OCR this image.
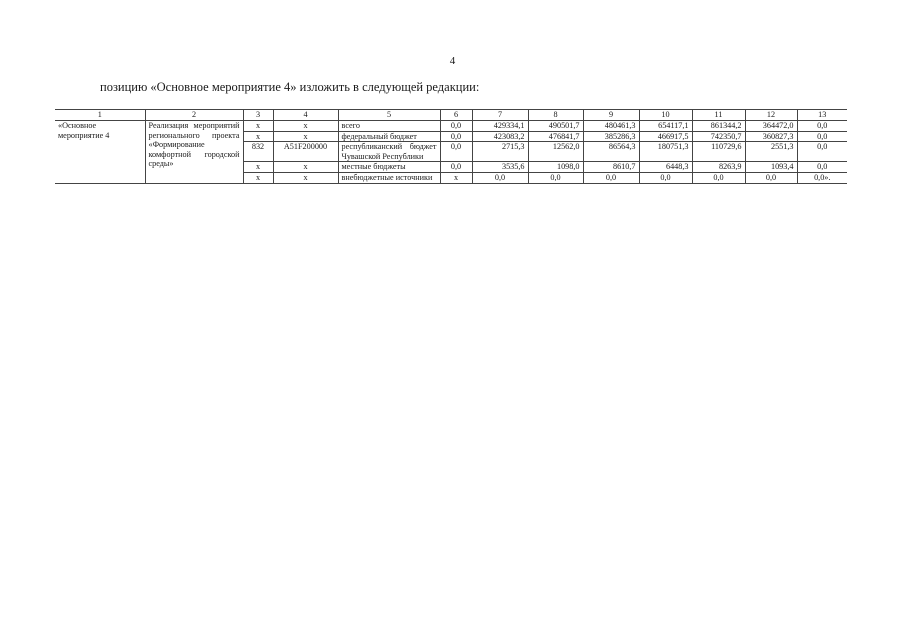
4
позицию «Основное мероприятие 4» изложить в следующей редакции:
1	2	3	4	5	6	7	8	9	10	11	12	13
«Основное мероприятие 4	Реализация мероприятий регионального проекта «Формирование комфортной городской среды»	х	х	всего	0,0	429334,1	490501,7	480461,3	654117,1	861344,2	364472,0	0,0
		х	х	федеральный бюджет	0,0	423083,2	476841,7	385286,3	466917,5	742350,7	360827,3	0,0
		832	A51F200000	республиканский бюджет Чувашской Республики	0,0	2715,3	12562,0	86564,3	180751,3	110729,6	2551,3	0,0
		х	х	местные бюджеты	0,0	3535,6	1098,0	8610,7	6448,3	8263,9	1093,4	0,0
		х	х	внебюджетные источники	х	0,0	0,0	0,0	0,0	0,0	0,0	0,0».
